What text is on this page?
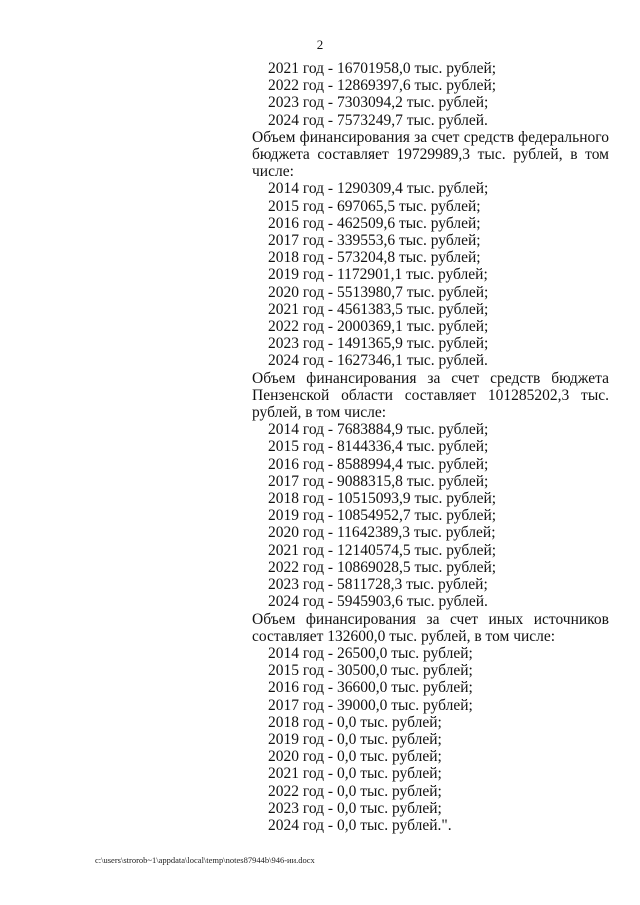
2

2021 год - 16701958,0 тыс. рублей;

2022 год - 12869397,6 тыс. рублей;

2023 год - 7303094,2 тыс. рублей;

2024 год - 7573249,7 тыс. рублей.

Объем финансирования за счет средств федерального бюджета составляет 19729989,3 тыс. рублей, в том числе:

2014 год - 1290309,4 тыс. рублей;

2015 год - 697065,5 тыс. рублей;

2016 год - 462509,6 тыс. рублей;

2017 год - 339553,6 тыс. рублей;

2018 год - 573204,8 тыс. рублей;

2019 год - 1172901,1 тыс. рублей;

2020 год - 5513980,7 тыс. рублей;

2021 год - 4561383,5 тыс. рублей;

2022 год - 2000369,1 тыс. рублей;

2023 год - 1491365,9 тыс. рублей;

2024 год - 1627346,1 тыс. рублей.

Объем финансирования за счет средств бюджета Пензенской области составляет 101285202,3 тыс. рублей, в том числе:

2014 год - 7683884,9 тыс. рублей;

2015 год - 8144336,4 тыс. рублей;

2016 год - 8588994,4 тыс. рублей;

2017 год - 9088315,8 тыс. рублей;

2018 год - 10515093,9 тыс. рублей;

2019 год - 10854952,7 тыс. рублей;

2020 год - 11642389,3 тыс. рублей;

2021 год - 12140574,5 тыс. рублей;

2022 год - 10869028,5 тыс. рублей;

2023 год - 5811728,3 тыс. рублей;

2024 год - 5945903,6 тыс. рублей.

Объем финансирования за счет иных источников составляет 132600,0 тыс. рублей, в том числе:

2014 год - 26500,0 тыс. рублей;

2015 год - 30500,0 тыс. рублей;

2016 год - 36600,0 тыс. рублей;

2017 год - 39000,0 тыс. рублей;

2018 год - 0,0 тыс. рублей;

2019 год - 0,0 тыс. рублей;

2020 год - 0,0 тыс. рублей;

2021 год - 0,0 тыс. рублей;

2022 год - 0,0 тыс. рублей;

2023 год - 0,0 тыс. рублей;

2024 год - 0,0 тыс. рублей.".

c:\users\strorob~1\appdata\local\temp\notes87944b\946-ии.docx
